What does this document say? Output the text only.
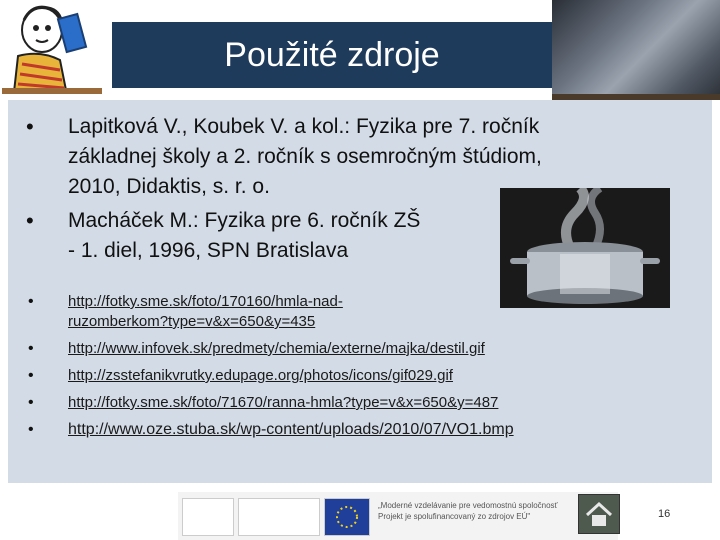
Použité zdroje
• Lapitková V., Koubek V. a kol.: Fyzika pre 7. ročník
základnej školy a 2. ročník s osemročným štúdiom,
2010, Didaktis, s. r. o.
• Macháček M.: Fyzika pre 6. ročník ZŠ
- 1. diel, 1996, SPN Bratislava
•	http://fotky.sme.sk/foto/170160/hmla-nad-
ruzomberkom?type=v&x=650&y=435
•	http://www.infovek.sk/predmety/chemia/externe/majka/destil.gif
•	http://zsstefanikvrutky.edupage.org/photos/icons/gif029.gif
•	http://fotky.sme.sk/foto/71670/ranna-hmla?type=v&x=650&y=487
•	http://www.oze.stuba.sk/wp-content/uploads/2010/07/VO1.bmp
„Moderné vzdelávanie pre vedomostnú spoločnosť
Projekt je spolufinancovaný zo zdrojov EÚ"	16
